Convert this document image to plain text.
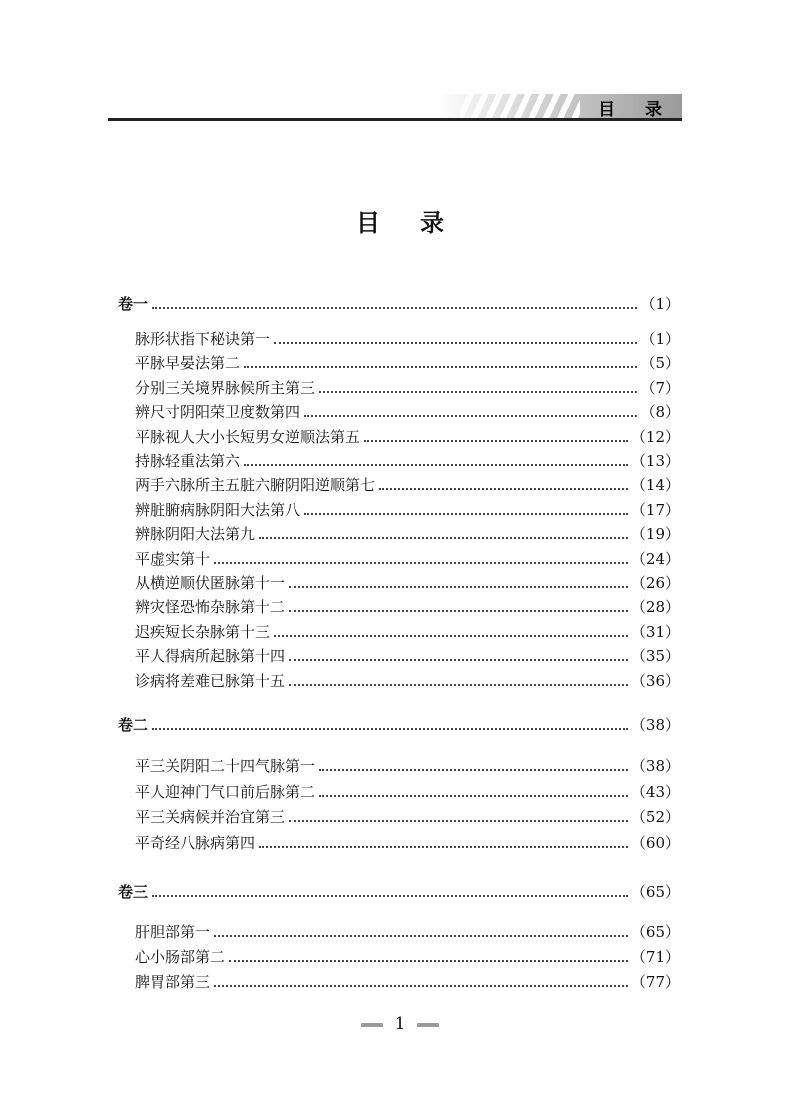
目 录
目录
卷一	（1）
脉形状指下秘诀第一	（1）
平脉早晏法第二	（5）
分别三关境界脉候所主第三	（7）
辨尺寸阴阳荣卫度数第四	（8）
平脉视人大小长短男女逆顺法第五	（12）
持脉轻重法第六	（13）
两手六脉所主五脏六腑阴阳逆顺第七	（14）
辨脏腑病脉阴阳大法第八	（17）
辨脉阴阳大法第九	（19）
平虚实第十	（24）
从横逆顺伏匿脉第十一	（26）
辨灾怪恐怖杂脉第十二	（28）
迟疾短长杂脉第十三	（31）
平人得病所起脉第十四	（35）
诊病将差难已脉第十五	（36）
卷二	（38）
平三关阴阳二十四气脉第一	（38）
平人迎神门气口前后脉第二	（43）
平三关病候并治宜第三	（52）
平奇经八脉病第四	（60）
卷三	（65）
肝胆部第一	（65）
心小肠部第二	（71）
脾胃部第三	（77）
1
